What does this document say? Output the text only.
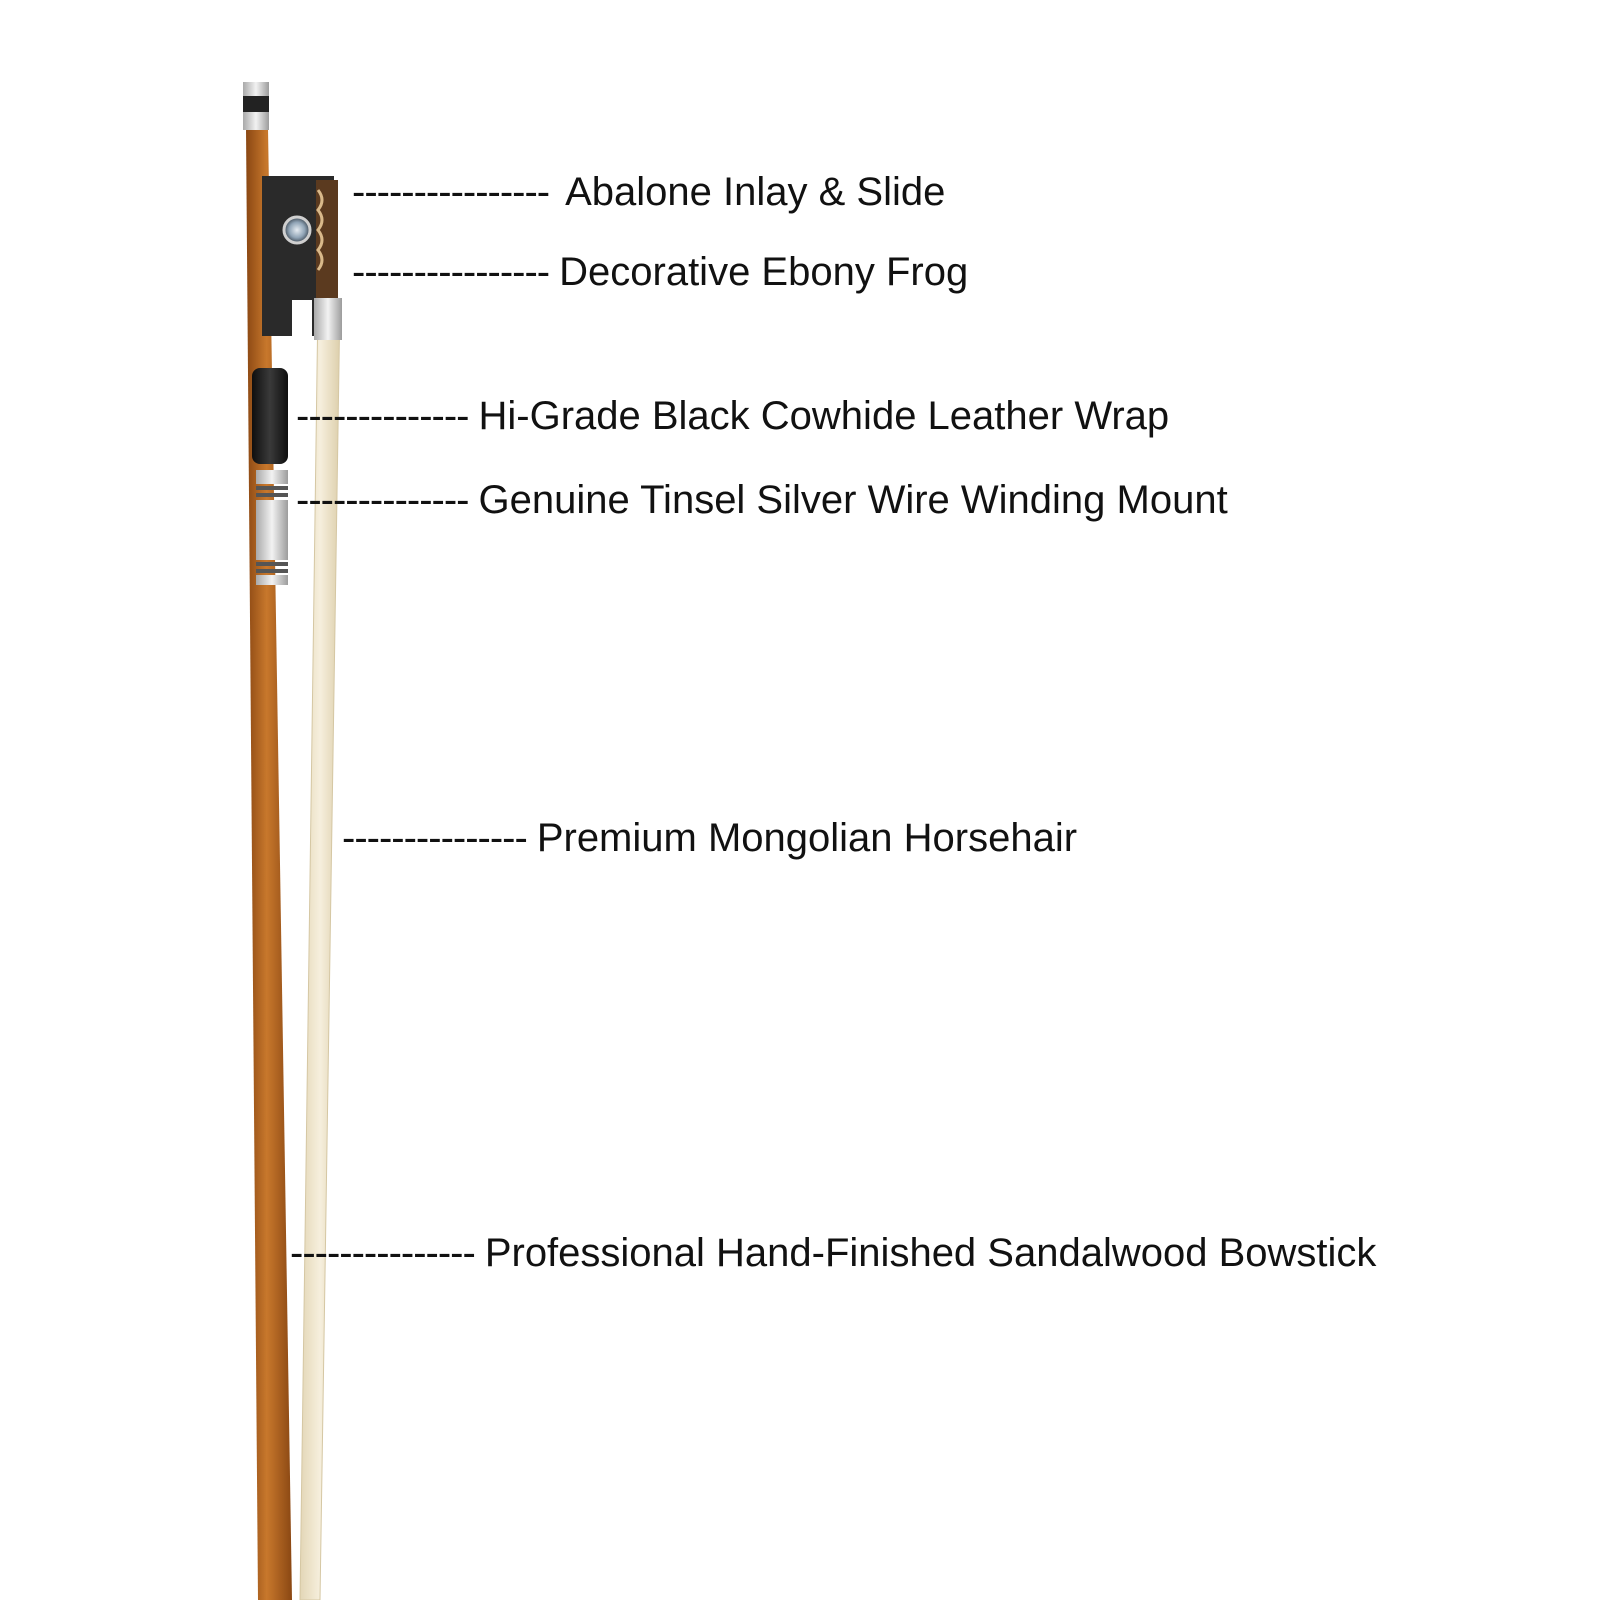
---------------- Abalone Inlay & Slide
---------------- Decorative Ebony Frog
-------------- Hi-Grade Black Cowhide Leather Wrap
-------------- Genuine Tinsel Silver Wire Winding Mount
--------------- Premium Mongolian Horsehair
--------------- Professional Hand-Finished Sandalwood Bowstick
